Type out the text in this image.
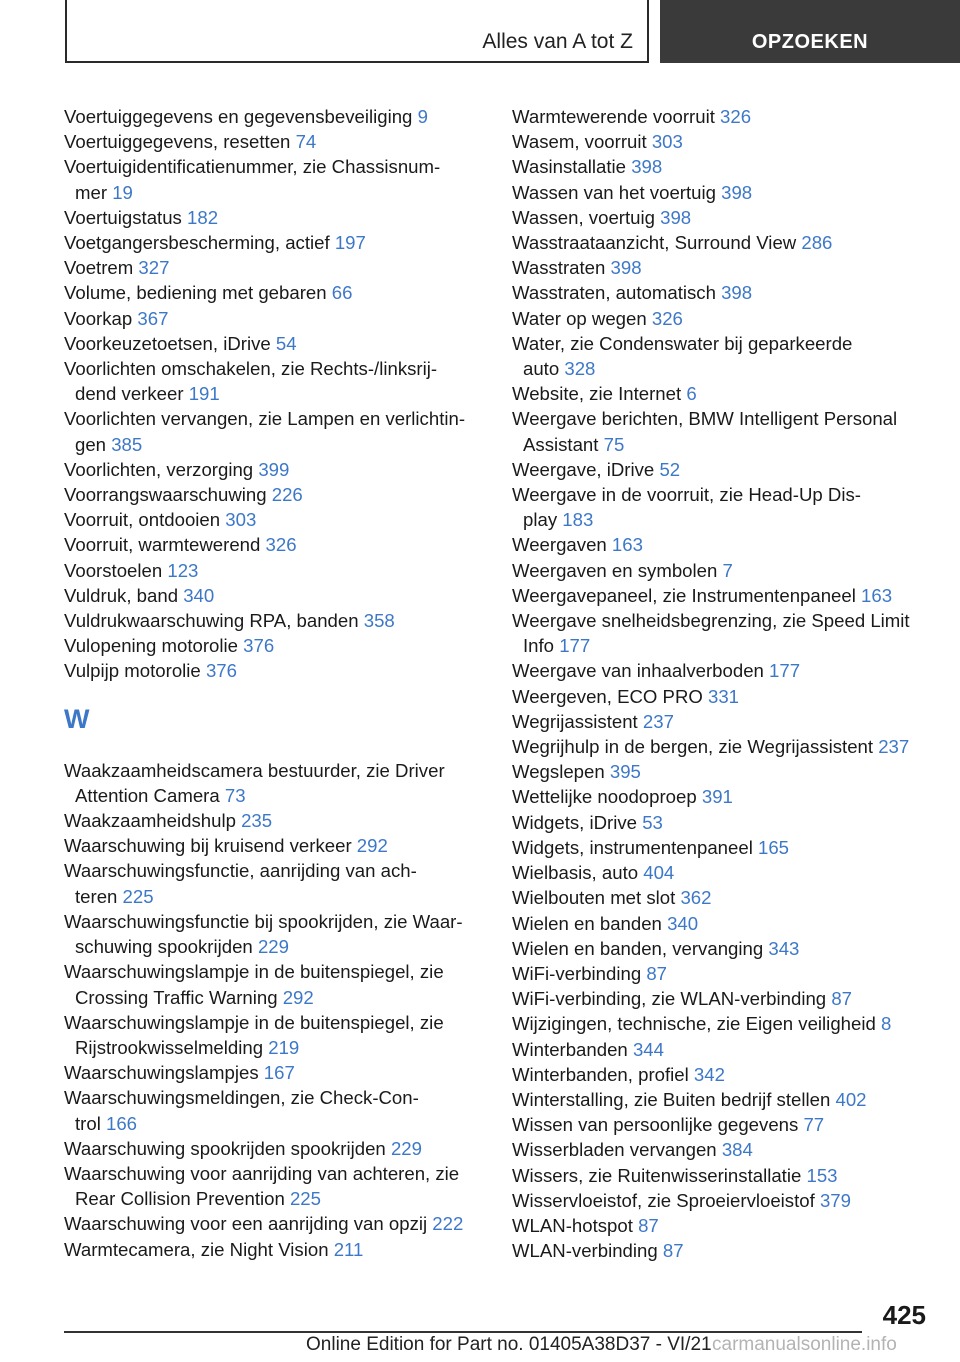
Alles van A tot Z	OPZOEKEN
Voertuiggegevens en gegevensbeveiliging 9
Voertuiggegevens, resetten 74
Voertuigidentificatienummer, zie Chassisnum-
mer 19
Voertuigstatus 182
Voetgangersbescherming, actief 197
Voetrem 327
Volume, bediening met gebaren 66
Voorkap 367
Voorkeuzetoetsen, iDrive 54
Voorlichten omschakelen, zie Rechts-/linksrij-
dend verkeer 191
Voorlichten vervangen, zie Lampen en verlichtin-
gen 385
Voorlichten, verzorging 399
Voorrangswaarschuwing 226
Voorruit, ontdooien 303
Voorruit, warmtewerend 326
Voorstoelen 123
Vuldruk, band 340
Vuldrukwaarschuwing RPA, banden 358
Vulopening motorolie 376
Vulpijp motorolie 376
W
Waakzaamheidscamera bestuurder, zie Driver
Attention Camera 73
Waakzaamheidshulp 235
Waarschuwing bij kruisend verkeer 292
Waarschuwingsfunctie, aanrijding van ach-
teren 225
Waarschuwingsfunctie bij spookrijden, zie Waar-
schuwing spookrijden 229
Waarschuwingslampje in de buitenspiegel, zie
Crossing Traffic Warning 292
Waarschuwingslampje in de buitenspiegel, zie
Rijstrookwisselmelding 219
Waarschuwingslampjes 167
Waarschuwingsmeldingen, zie Check-Con-
trol 166
Waarschuwing spookrijden spookrijden 229
Waarschuwing voor aanrijding van achteren, zie
Rear Collision Prevention 225
Waarschuwing voor een aanrijding van opzij 222
Warmtecamera, zie Night Vision 211
Warmtewerende voorruit 326
Wasem, voorruit 303
Wasinstallatie 398
Wassen van het voertuig 398
Wassen, voertuig 398
Wasstraataanzicht, Surround View 286
Wasstraten 398
Wasstraten, automatisch 398
Water op wegen 326
Water, zie Condenswater bij geparkeerde
auto 328
Website, zie Internet 6
Weergave berichten, BMW Intelligent Personal
Assistant 75
Weergave, iDrive 52
Weergave in de voorruit, zie Head-Up Dis-
play 183
Weergaven 163
Weergaven en symbolen 7
Weergavepaneel, zie Instrumentenpaneel 163
Weergave snelheidsbegrenzing, zie Speed Limit
Info 177
Weergave van inhaalverboden 177
Weergeven, ECO PRO 331
Wegrijassistent 237
Wegrijhulp in de bergen, zie Wegrijassistent 237
Wegslepen 395
Wettelijke noodoproep 391
Widgets, iDrive 53
Widgets, instrumentenpaneel 165
Wielbasis, auto 404
Wielbouten met slot 362
Wielen en banden 340
Wielen en banden, vervanging 343
WiFi-verbinding 87
WiFi-verbinding, zie WLAN-verbinding 87
Wijzigingen, technische, zie Eigen veiligheid 8
Winterbanden 344
Winterbanden, profiel 342
Winterstalling, zie Buiten bedrijf stellen 402
Wissen van persoonlijke gegevens 77
Wisserbladen vervangen 384
Wissers, zie Ruitenwisserinstallatie 153
Wisservloeistof, zie Sproeiervloeistof 379
WLAN-hotspot 87
WLAN-verbinding 87
425
Online Edition for Part no. 01405A38D37 - VI/21 carmanualsonline.info
